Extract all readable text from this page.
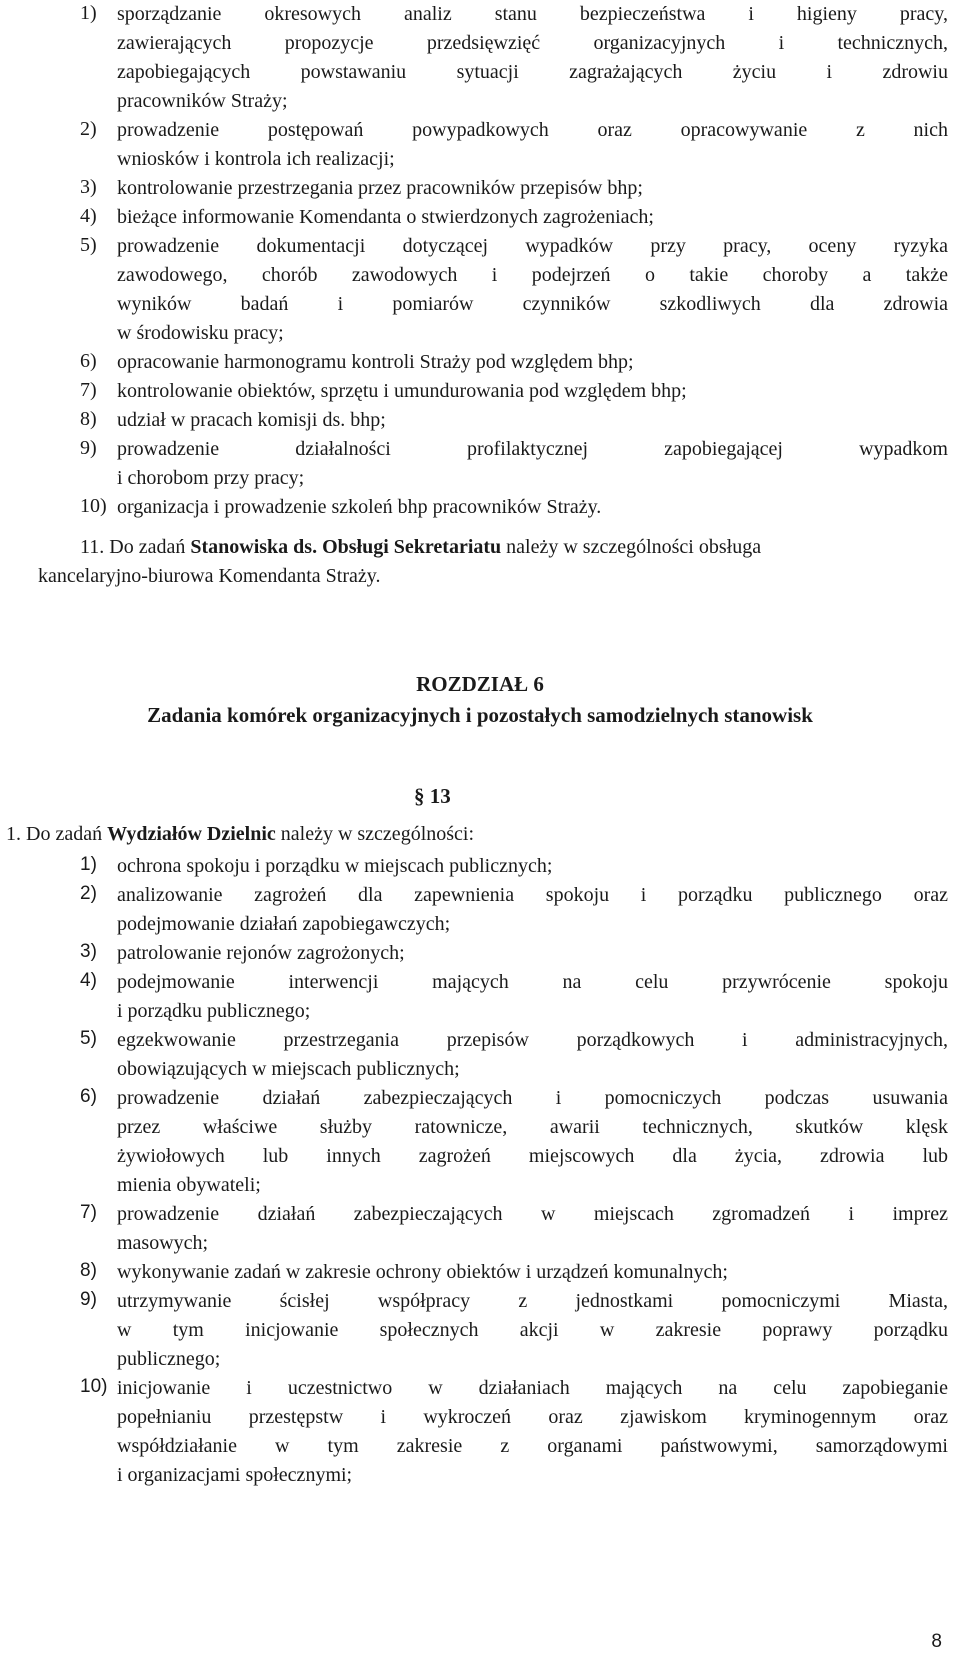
1) sporządzanie okresowych analiz stanu bezpieczeństwa i higieny pracy,
zawierających propozycje przedsięwzięć organizacyjnych i technicznych,
zapobiegających powstawaniu sytuacji zagrażających życiu i zdrowiu
pracowników Straży;
2) prowadzenie postępowań powypadkowych oraz opracowywanie z nich
wniosków i kontrola ich realizacji;
3) kontrolowanie przestrzegania przez pracowników przepisów bhp;
4) bieżące informowanie Komendanta o stwierdzonych zagrożeniach;
5) prowadzenie dokumentacji dotyczącej wypadków przy pracy, oceny ryzyka
zawodowego, chorób zawodowych i podejrzeń o takie choroby a także
wyników badań i pomiarów czynników szkodliwych dla zdrowia
w środowisku pracy;
6) opracowanie harmonogramu kontroli Straży pod względem bhp;
7) kontrolowanie obiektów, sprzętu i umundurowania pod względem bhp;
8) udział w pracach komisji ds. bhp;
9) prowadzenie działalności profilaktycznej zapobiegającej wypadkom
i chorobom przy pracy;
10) organizacja i prowadzenie szkoleń bhp pracowników Straży.
11. Do zadań Stanowiska ds. Obsługi Sekretariatu należy w szczególności obsługa
kancelaryjno-biurowa Komendanta Straży.
ROZDZIAŁ 6
Zadania komórek organizacyjnych i pozostałych samodzielnych stanowisk
§ 13
1. Do zadań Wydziałów Dzielnic należy w szczególności:
1) ochrona spokoju i porządku w miejscach publicznych;
2) analizowanie zagrożeń dla zapewnienia spokoju i porządku publicznego oraz
podejmowanie działań zapobiegawczych;
3) patrolowanie rejonów zagrożonych;
4) podejmowanie interwencji mających na celu przywrócenie spokoju
i porządku publicznego;
5) egzekwowanie przestrzegania przepisów porządkowych i administracyjnych,
obowiązujących w miejscach publicznych;
6) prowadzenie działań zabezpieczających i pomocniczych podczas usuwania
przez właściwe służby ratownicze, awarii technicznych, skutków klęsk
żywiołowych lub innych zagrożeń miejscowych dla życia, zdrowia lub
mienia obywateli;
7) prowadzenie działań zabezpieczających w miejscach zgromadzeń i imprez
masowych;
8) wykonywanie zadań w zakresie ochrony obiektów i urządzeń komunalnych;
9) utrzymywanie ścisłej współpracy z jednostkami pomocniczymi Miasta,
w tym inicjowanie społecznych akcji w zakresie poprawy porządku
publicznego;
10) inicjowanie i uczestnictwo w działaniach mających na celu zapobieganie
popełnianiu przestępstw i wykroczeń oraz zjawiskom kryminogennym oraz
współdziałanie w tym zakresie z organami państwowymi, samorządowymi
i organizacjami społecznymi;
8
